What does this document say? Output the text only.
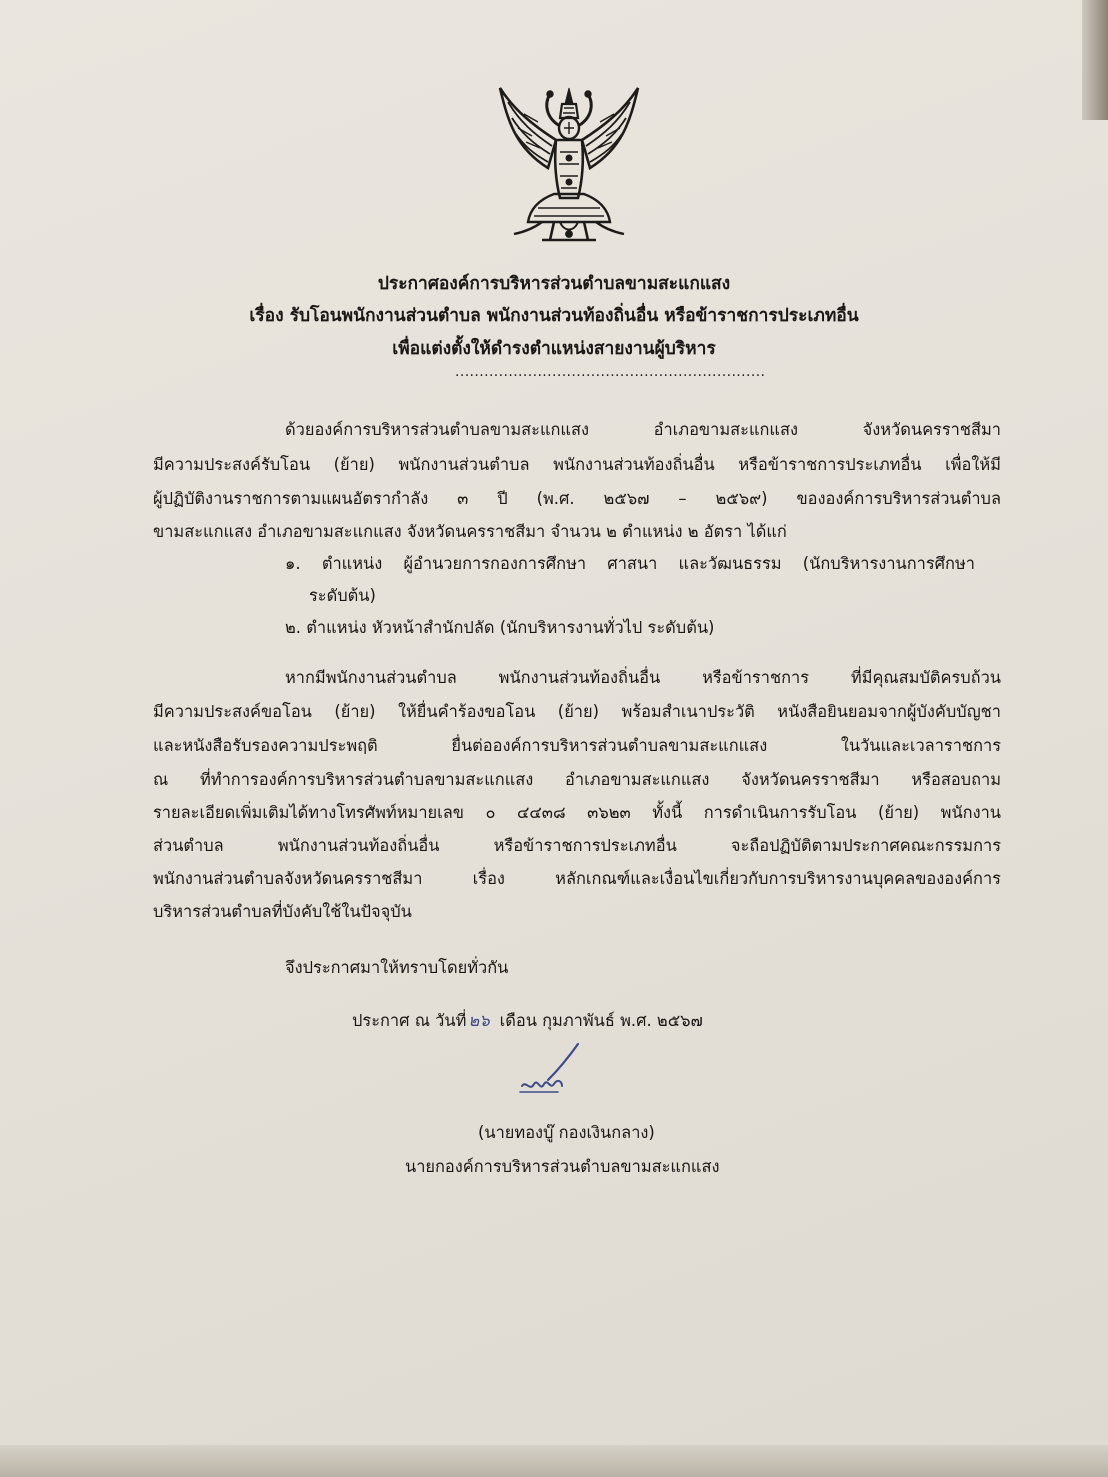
ประกาศองค์การบริหารส่วนตำบลขามสะแกแสง
เรื่อง รับโอนพนักงานส่วนตำบล พนักงานส่วนท้องถิ่นอื่น หรือข้าราชการประเภทอื่น
เพื่อแต่งตั้งให้ดำรงตำแหน่งสายงานผู้บริหาร
................................................................
ด้วยองค์การบริหารส่วนตำบลขามสะแกแสง อำเภอขามสะแกแสง จังหวัดนครราชสีมา
มีความประสงค์รับโอน (ย้าย) พนักงานส่วนตำบล พนักงานส่วนท้องถิ่นอื่น หรือข้าราชการประเภทอื่น เพื่อให้มี
ผู้ปฏิบัติงานราชการตามแผนอัตรากำลัง ๓ ปี (พ.ศ. ๒๕๖๗ – ๒๕๖๙) ขององค์การบริหารส่วนตำบล
ขามสะแกแสง อำเภอขามสะแกแสง จังหวัดนครราชสีมา จำนวน ๒ ตำแหน่ง ๒ อัตรา ได้แก่
๑. ตำแหน่ง ผู้อำนวยการกองการศึกษา ศาสนา และวัฒนธรรม (นักบริหารงานการศึกษา
ระดับต้น)
๒. ตำแหน่ง หัวหน้าสำนักปลัด (นักบริหารงานทั่วไป ระดับต้น)
หากมีพนักงานส่วนตำบล พนักงานส่วนท้องถิ่นอื่น หรือข้าราชการ ที่มีคุณสมบัติครบถ้วน
มีความประสงค์ขอโอน (ย้าย) ให้ยื่นคำร้องขอโอน (ย้าย) พร้อมสำเนาประวัติ หนังสือยินยอมจากผู้บังคับบัญชา
และหนังสือรับรองความประพฤติ ยื่นต่อองค์การบริหารส่วนตำบลขามสะแกแสง ในวันและเวลาราชการ
ณ ที่ทำการองค์การบริหารส่วนตำบลขามสะแกแสง อำเภอขามสะแกแสง จังหวัดนครราชสีมา หรือสอบถาม
รายละเอียดเพิ่มเติมได้ทางโทรศัพท์หมายเลข ๐ ๔๔๓๘ ๓๖๒๓ ทั้งนี้ การดำเนินการรับโอน (ย้าย) พนักงาน
ส่วนตำบล พนักงานส่วนท้องถิ่นอื่น หรือข้าราชการประเภทอื่น จะถือปฏิบัติตามประกาศคณะกรรมการ
พนักงานส่วนตำบลจังหวัดนครราชสีมา เรื่อง หลักเกณฑ์และเงื่อนไขเกี่ยวกับการบริหารงานบุคคลขององค์การ
บริหารส่วนตำบลที่บังคับใช้ในปัจจุบัน
จึงประกาศมาให้ทราบโดยทั่วกัน
ประกาศ ณ วันที่ ๒๖ เดือน กุมภาพันธ์ พ.ศ. ๒๕๖๗
(นายทองบู๊ กองเงินกลาง)
นายกองค์การบริหารส่วนตำบลขามสะแกแสง
